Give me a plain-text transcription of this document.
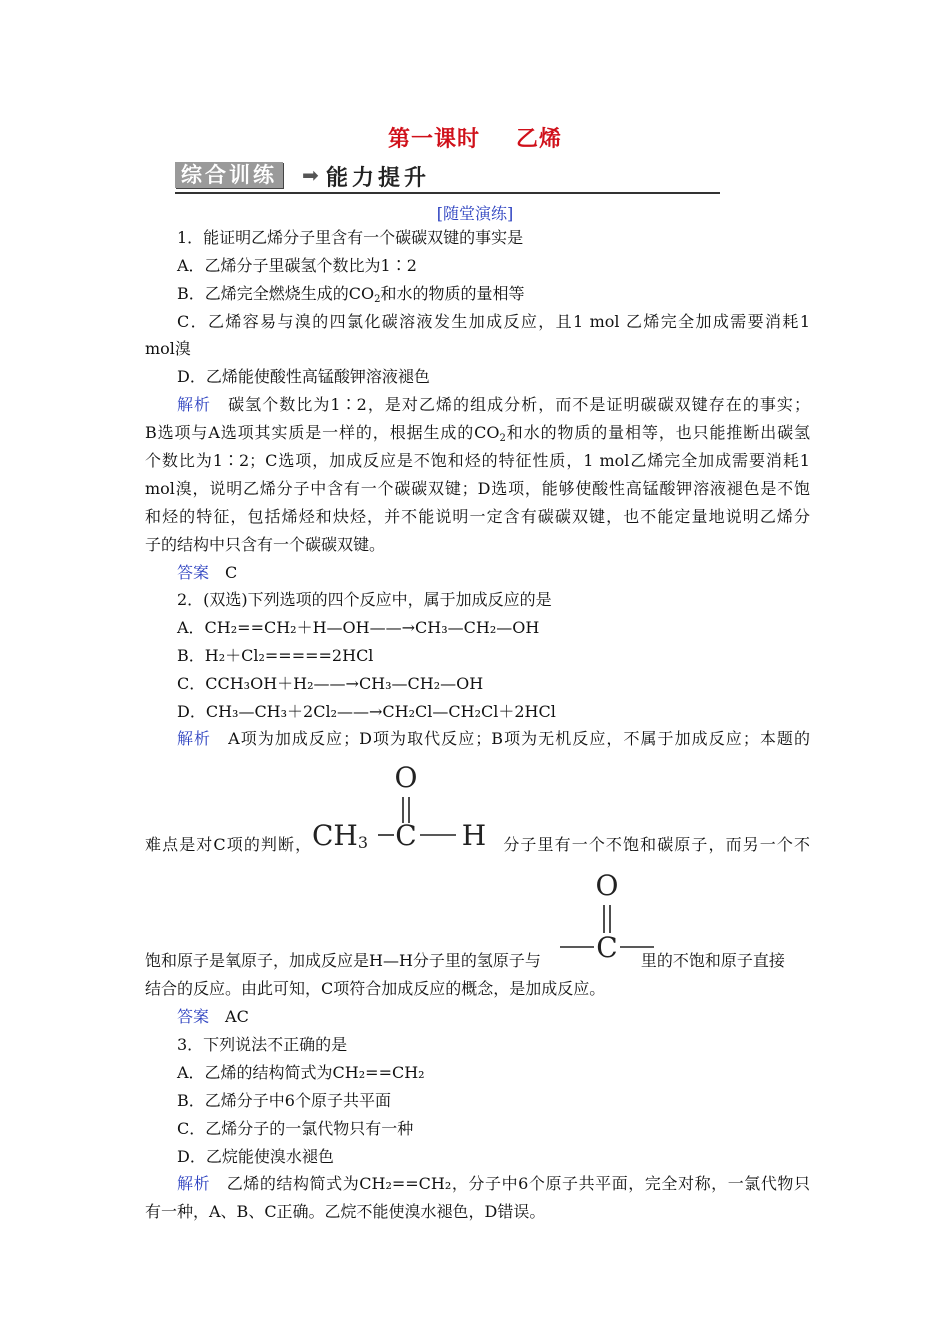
第一课时 乙烯
综合训练	➡ 能力提升
[随堂演练]
1．能证明乙烯分子里含有一个碳碳双键的事实是
A．乙烯分子里碳氢个数比为1∶2
B．乙烯完全燃烧生成的CO2和水的物质的量相等
C．乙烯容易与溴的四氯化碳溶液发生加成反应，且1 mol 乙烯完全加成需要消耗1
mol溴
D．乙烯能使酸性高锰酸钾溶液褪色
解析　 碳氢个数比为1∶2，是对乙烯的组成分析，而不是证明碳碳双键存在的事实；
B选项与A选项其实质是一样的，根据生成的CO2和水的物质的量相等，也只能推断出碳氢
个数比为1∶2；C选项，加成反应是不饱和烃的特征性质，1 mol乙烯完全加成需要消耗1
mol溴，说明乙烯分子中含有一个碳碳双键；D选项，能够使酸性高锰酸钾溶液褪色是不饱
和烃的特征，包括烯烃和炔烃，并不能说明一定含有碳碳双键，也不能定量地说明乙烯分
子的结构中只含有一个碳碳双键。
答案　 C
2．(双选)下列选项的四个反应中，属于加成反应的是
A．CH₂==CH₂＋H—OH——→CH₃—CH₂—OH
B．H₂＋Cl₂=====2HCl
C．CCH₃OH＋H₂——→CH₃—CH₂—OH
D．CH₃—CH₃＋2Cl₂——→CH₂Cl—CH₂Cl＋2HCl
解析　 A项为加成反应；D项为取代反应；B项为无机反应，不属于加成反应；本题的
O
CH3 C H
难点是对C项的判断，	分子里有一个不饱和碳原子，而另一个不
O
C
饱和原子是氧原子，加成反应是H—H分子里的氢原子与	里的不饱和原子直接
结合的反应。由此可知，C项符合加成反应的概念，是加成反应。
答案　 AC
3．下列说法不正确的是
A．乙烯的结构简式为CH₂==CH₂
B．乙烯分子中6个原子共平面
C．乙烯分子的一氯代物只有一种
D．乙烷能使溴水褪色
解析　 乙烯的结构简式为CH₂==CH₂，分子中6个原子共平面，完全对称，一氯代物只
有一种，A、B、C正确。乙烷不能使溴水褪色，D错误。
